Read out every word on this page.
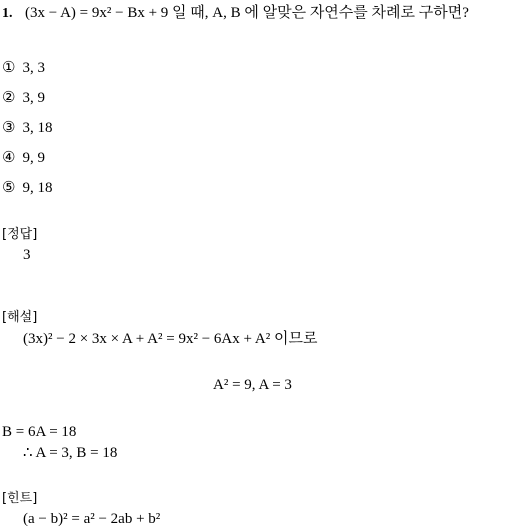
1. (3x − A) = 9x² − Bx + 9 일 때, A, B 에 알맞은 자연수를 차례로 구하면?
① 3, 3
② 3, 9
③ 3, 18
④ 9, 9
⑤ 9, 18
[정답]
3
[해설]
(3x)² − 2 × 3x × A + A² = 9x² − 6Ax + A² 이므로
A² = 9, A = 3
B = 6A = 18
∴ A = 3, B = 18
[힌트]
(a − b)² = a² − 2ab + b²
